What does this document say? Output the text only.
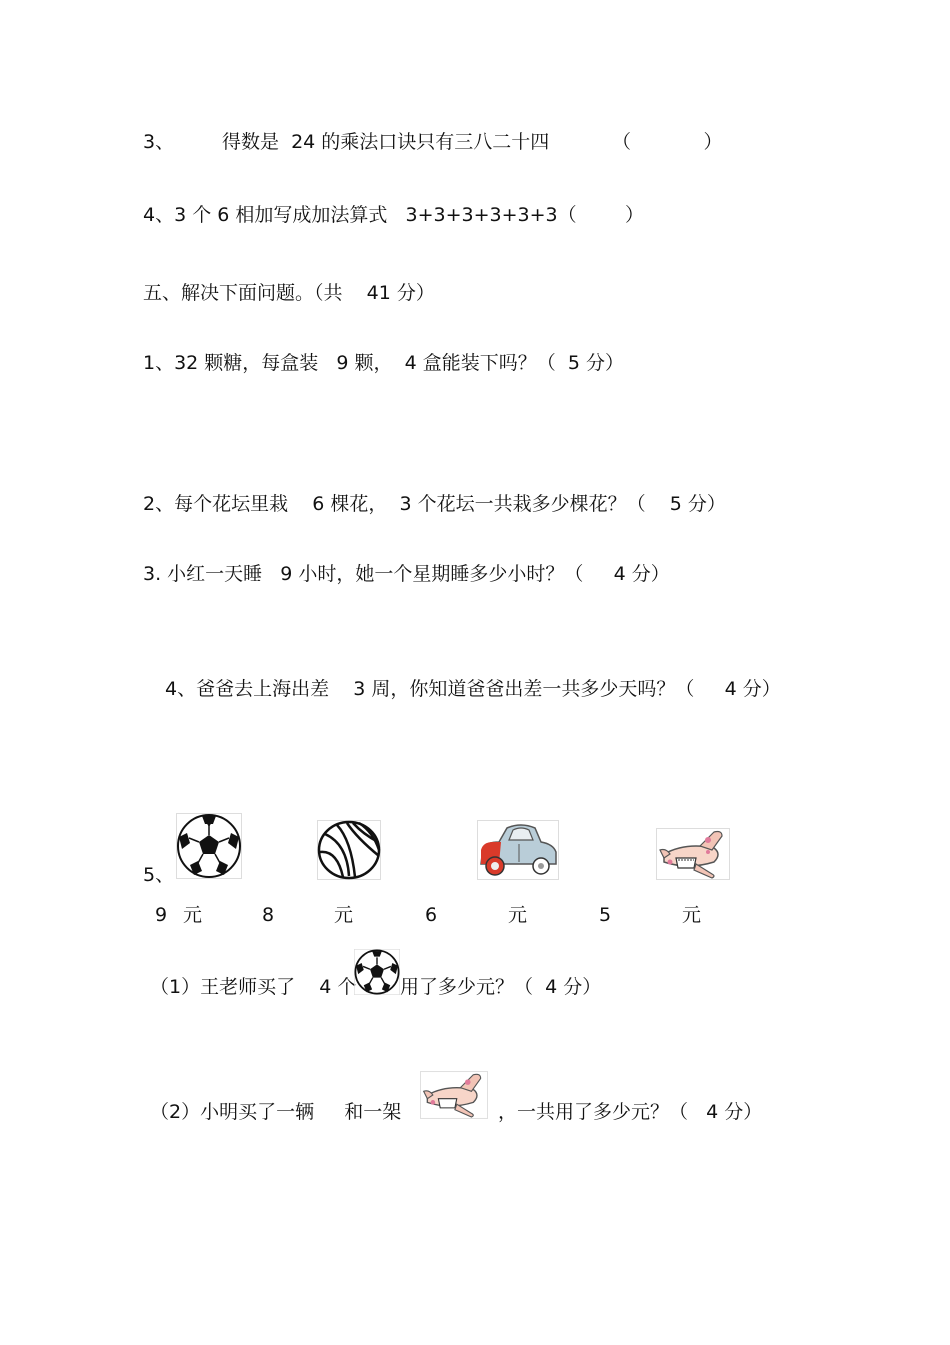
3、	得数是  24 的乘法口诀只有三八二十四	（            ）
4、3 个 6 相加写成加法算式   3+3+3+3+3+3（        ）
五、解决下面问题。（共    41 分）
1、32 颗糖，每盒装   9 颗，  4 盒能装下吗？（  5 分）
2、每个花坛里栽    6 棵花，  3 个花坛一共栽多少棵花？（    5 分）
3. 小红一天睡   9 小时，她一个星期睡多少小时？（     4 分）
4、爸爸去上海出差    3 周，你知道爸爸出差一共多少天吗？（     4 分）
5、
9 元	8	元	6	元	5	元
（1）王老师买了    4 个 用了多少元？（  4 分）
（2）小明买了一辆     和一架	，一共用了多少元？（   4 分）
